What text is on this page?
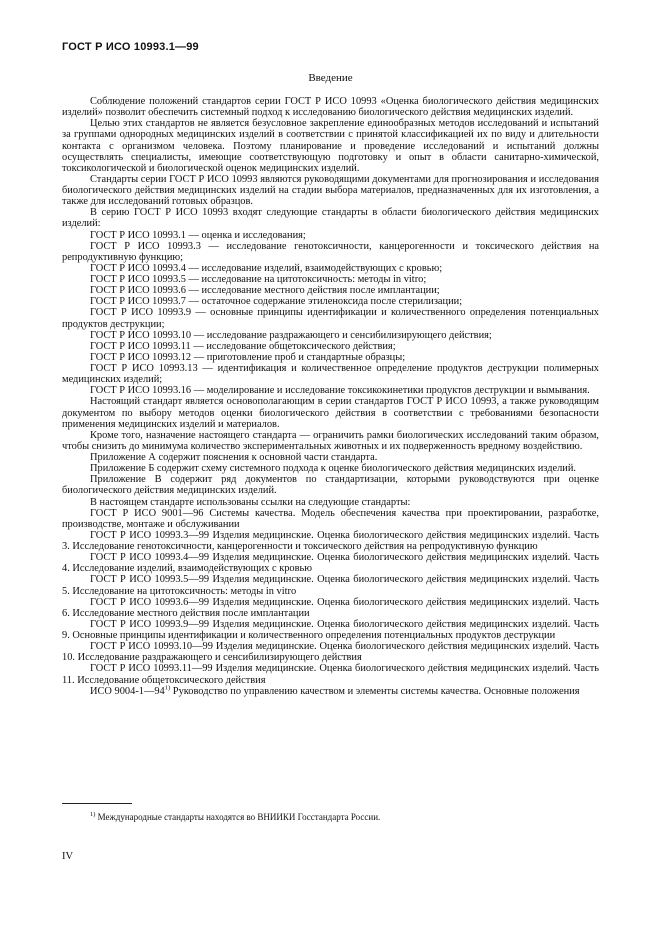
ГОСТ Р ИСО 10993.1—99
Введение

Соблюдение положений стандартов серии ГОСТ Р ИСО 10993 «Оценка биологического действия медицинских изделий» позволит обеспечить системный подход к исследованию биологического действия медицинских изделий.

Целью этих стандартов не является безусловное закрепление единообразных методов исследований и испытаний за группами однородных медицинских изделий в соответствии с принятой классификацией их по виду и длительности контакта с организмом человека. Поэтому планирование и проведение исследований и испытаний должны осуществлять специалисты, имеющие соответствующую подготовку и опыт в области санитарно-химической, токсикологической и биологической оценок медицинских изделий.

Стандарты серии ГОСТ Р ИСО 10993 являются руководящими документами для прогнозирования и исследования биологического действия медицинских изделий на стадии выбора материалов, предназначенных для их изготовления, а также для исследований готовых образцов.

В серию ГОСТ Р ИСО 10993 входят следующие стандарты в области биологического действия медицинских изделий:

ГОСТ Р ИСО 10993.1 — оценка и исследования;

ГОСТ Р ИСО 10993.3 — исследование генотоксичности, канцерогенности и токсического действия на репродуктивную функцию;

ГОСТ Р ИСО 10993.4 — исследование изделий, взаимодействующих с кровью;

ГОСТ Р ИСО 10993.5 — исследование на цитотоксичность: методы in vitro;

ГОСТ Р ИСО 10993.6 — исследование местного действия после имплантации;

ГОСТ Р ИСО 10993.7 — остаточное содержание этиленоксида после стерилизации;

ГОСТ Р ИСО 10993.9 — основные принципы идентификации и количественного определения потенциальных продуктов деструкции;

ГОСТ Р ИСО 10993.10 — исследование раздражающего и сенсибилизирующего действия;

ГОСТ Р ИСО 10993.11 — исследование общетоксического действия;

ГОСТ Р ИСО 10993.12 — приготовление проб и стандартные образцы;

ГОСТ Р ИСО 10993.13 — идентификация и количественное определение продуктов деструкции полимерных медицинских изделий;

ГОСТ Р ИСО 10993.16 — моделирование и исследование токсикокинетики продуктов деструкции и вымывания.

Настоящий стандарт является основополагающим в серии стандартов ГОСТ Р ИСО 10993, а также руководящим документом по выбору методов оценки биологического действия в соответствии с требованиями безопасности применения медицинских изделий и материалов.

Кроме того, назначение настоящего стандарта — ограничить рамки биологических исследований таким образом, чтобы снизить до минимума количество экспериментальных животных и их подверженность вредному воздействию.

Приложение А содержит пояснения к основной части стандарта.

Приложение Б содержит схему системного подхода к оценке биологического действия медицинских изделий.

Приложение В содержит ряд документов по стандартизации, которыми руководствуются при оценке биологического действия медицинских изделий.

В настоящем стандарте использованы ссылки на следующие стандарты:

ГОСТ Р ИСО 9001—96 Системы качества. Модель обеспечения качества при проектировании, разработке, производстве, монтаже и обслуживании

ГОСТ Р ИСО 10993.3—99 Изделия медицинские. Оценка биологического действия медицинских изделий. Часть 3. Исследование генотоксичности, канцерогенности и токсического действия на репродуктивную функцию

ГОСТ Р ИСО 10993.4—99 Изделия медицинские. Оценка биологического действия медицинских изделий. Часть 4. Исследование изделий, взаимодействующих с кровью

ГОСТ Р ИСО 10993.5—99 Изделия медицинские. Оценка биологического действия медицинских изделий. Часть 5. Исследование на цитотоксичность: методы in vitro

ГОСТ Р ИСО 10993.6—99 Изделия медицинские. Оценка биологического действия медицинских изделий. Часть 6. Исследование местного действия после имплантации

ГОСТ Р ИСО 10993.9—99 Изделия медицинские. Оценка биологического действия медицинских изделий. Часть 9. Основные принципы идентификации и количественного определения потенциальных продуктов деструкции

ГОСТ Р ИСО 10993.10—99 Изделия медицинские. Оценка биологического действия медицинских изделий. Часть 10. Исследование раздражающего и сенсибилизирующего действия

ГОСТ Р ИСО 10993.11—99 Изделия медицинские. Оценка биологического действия медицинских изделий. Часть 11. Исследование общетоксического действия

ИСО 9004-1—94$^{1)}$ Руководство по управлению качеством и элементы системы качества. Основные положения

$^{1)}$ Международные стандарты находятся во ВНИИКИ Госстандарта России.
IV
